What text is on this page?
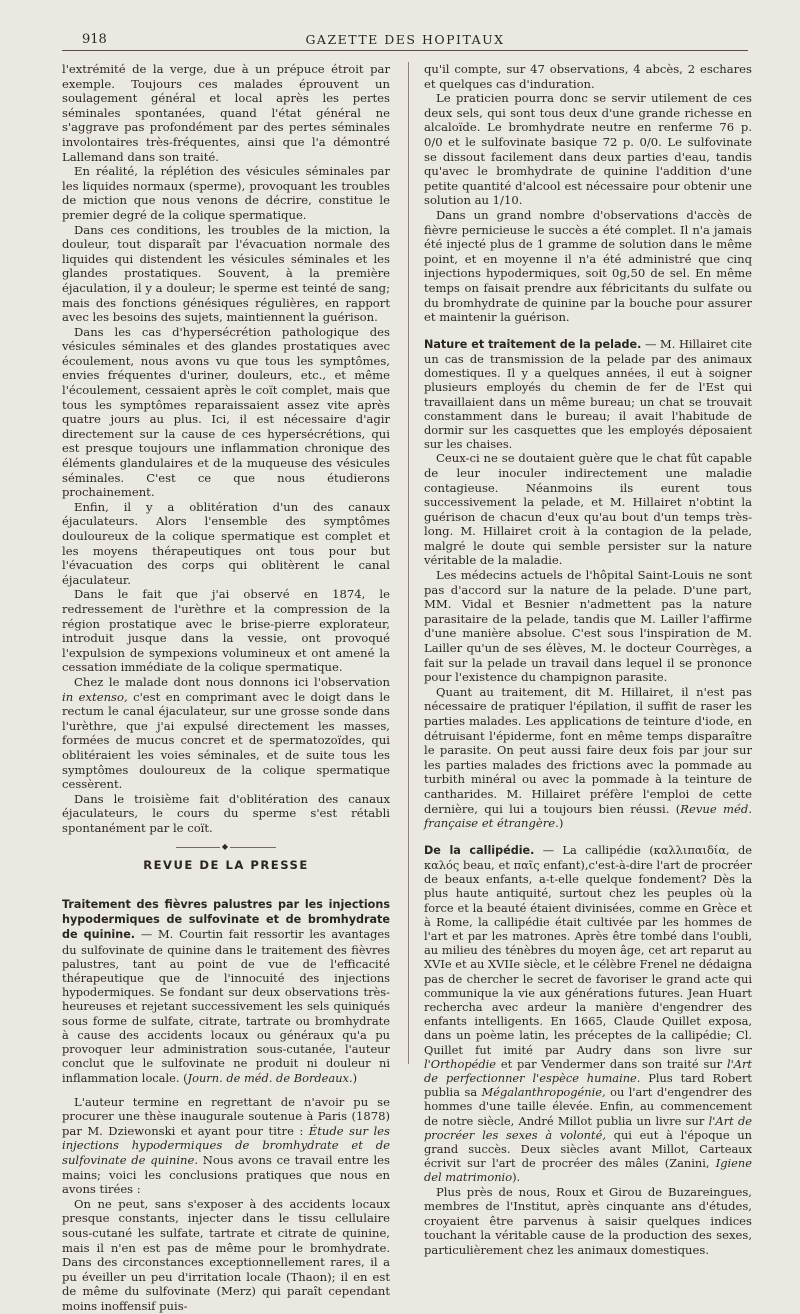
918	GAZETTE DES HOPITAUX

l'extrémité de la verge, due à un prépuce étroit par exemple. Toujours ces malades éprouvent un soulagement général et local après les pertes séminales spontanées, quand l'état général ne s'aggrave pas profondément par des pertes séminales involontaires très-fréquentes, ainsi que l'a démontré Lallemand dans son traité.

En réalité, la réplétion des vésicules séminales par les liquides normaux (sperme), provoquant les troubles de miction que nous venons de décrire, constitue le premier degré de la colique spermatique.

Dans ces conditions, les troubles de la miction, la douleur, tout disparaît par l'évacuation normale des liquides qui distendent les vésicules séminales et les glandes prostatiques. Souvent, à la première éjaculation, il y a douleur; le sperme est teinté de sang; mais des fonctions génésiques régulières, en rapport avec les besoins des sujets, maintiennent la guérison.

Dans les cas d'hypersécrétion pathologique des vésicules séminales et des glandes prostatiques avec écoulement, nous avons vu que tous les symptômes, envies fréquentes d'uriner, douleurs, etc., et même l'écoulement, cessaient après le coït complet, mais que tous les symptômes reparaissaient assez vite après quatre jours au plus. Ici, il est nécessaire d'agir directement sur la cause de ces hypersécrétions, qui est presque toujours une inflammation chronique des éléments glandulaires et de la muqueuse des vésicules séminales. C'est ce que nous étudierons prochainement.

Enfin, il y a oblitération d'un des canaux éjaculateurs. Alors l'ensemble des symptômes douloureux de la colique spermatique est complet et les moyens thérapeutiques ont tous pour but l'évacuation des corps qui oblitèrent le canal éjaculateur.

Dans le fait que j'ai observé en 1874, le redressement de l'urèthre et la compression de la région prostatique avec le brise-pierre explorateur, introduit jusque dans la vessie, ont provoqué l'expulsion de sympexions volumineux et ont amené la cessation immédiate de la colique spermatique.

Chez le malade dont nous donnons ici l'observation in extenso, c'est en comprimant avec le doigt dans le rectum le canal éjaculateur, sur une grosse sonde dans l'urèthre, que j'ai expulsé directement les masses, formées de mucus concret et de spermatozoïdes, qui oblitéraient les voies séminales, et de suite tous les symptômes douloureux de la colique spermatique cessèrent.

Dans le troisième fait d'oblitération des canaux éjaculateurs, le cours du sperme s'est rétabli spontanément par le coït.

◆
REVUE DE LA PRESSE

Traitement des fièvres palustres par les injections hypodermiques de sulfovinate et de bromhydrate de quinine. — M. Courtin fait ressortir les avantages du sulfovinate de quinine dans le traitement des fièvres palustres, tant au point de vue de l'efficacité thérapeutique que de l'innocuité des injections hypodermiques. Se fondant sur deux observations très-heureuses et rejetant successivement les sels quiniqués sous forme de sulfate, citrate, tartrate ou bromhydrate à cause des accidents locaux ou généraux qu'a pu provoquer leur administration sous-cutanée, l'auteur conclut que le sulfovinate ne produit ni douleur ni inflammation locale. (Journ. de méd. de Bordeaux.)

L'auteur termine en regrettant de n'avoir pu se procurer une thèse inaugurale soutenue à Paris (1878) par M. Dziewonski et ayant pour titre : Étude sur les injections hypodermiques de bromhydrate et de sulfovinate de quinine. Nous avons ce travail entre les mains; voici les conclusions pratiques que nous en avons tirées :

On ne peut, sans s'exposer à des accidents locaux presque constants, injecter dans le tissu cellulaire sous-cutané les sulfate, tartrate et citrate de quinine, mais il n'en est pas de même pour le bromhydrate. Dans des circonstances exceptionnellement rares, il a pu éveiller un peu d'irritation locale (Thaon); il en est de même du sulfovinate (Merz) qui paraît cependant moins inoffensif puis-

qu'il compte, sur 47 observations, 4 abcès, 2 eschares et quelques cas d'induration.

Le praticien pourra donc se servir utilement de ces deux sels, qui sont tous deux d'une grande richesse en alcaloïde. Le bromhydrate neutre en renferme 76 p. 0/0 et le sulfovinate basique 72 p. 0/0. Le sulfovinate se dissout facilement dans deux parties d'eau, tandis qu'avec le bromhydrate de quinine l'addition d'une petite quantité d'alcool est nécessaire pour obtenir une solution au 1/10.

Dans un grand nombre d'observations d'accès de fièvre pernicieuse le succès a été complet. Il n'a jamais été injecté plus de 1 gramme de solution dans le même point, et en moyenne il n'a été administré que cinq injections hypodermiques, soit 0g,50 de sel. En même temps on faisait prendre aux fébricitants du sulfate ou du bromhydrate de quinine par la bouche pour assurer et maintenir la guérison.

Nature et traitement de la pelade. — M. Hillairet cite un cas de transmission de la pelade par des animaux domestiques. Il y a quelques années, il eut à soigner plusieurs employés du chemin de fer de l'Est qui travaillaient dans un même bureau; un chat se trouvait constamment dans le bureau; il avait l'habitude de dormir sur les casquettes que les employés déposaient sur les chaises.

Ceux-ci ne se doutaient guère que le chat fût capable de leur inoculer indirectement une maladie contagieuse. Néanmoins ils eurent tous successivement la pelade, et M. Hillairet n'obtint la guérison de chacun d'eux qu'au bout d'un temps très-long. M. Hillairet croit à la contagion de la pelade, malgré le doute qui semble persister sur la nature véritable de la maladie.

Les médecins actuels de l'hôpital Saint-Louis ne sont pas d'accord sur la nature de la pelade. D'une part, MM. Vidal et Besnier n'admettent pas la nature parasitaire de la pelade, tandis que M. Lailler l'affirme d'une manière absolue. C'est sous l'inspiration de M. Lailler qu'un de ses élèves, M. le docteur Courrèges, a fait sur la pelade un travail dans lequel il se prononce pour l'existence du champignon parasite.

Quant au traitement, dit M. Hillairet, il n'est pas nécessaire de pratiquer l'épilation, il suffit de raser les parties malades. Les applications de teinture d'iode, en détruisant l'épiderme, font en même temps disparaître le parasite. On peut aussi faire deux fois par jour sur les parties malades des frictions avec la pommade au turbith minéral ou avec la pommade à la teinture de cantharides. M. Hillairet préfère l'emploi de cette dernière, qui lui a toujours bien réussi. (Revue méd. française et étrangère.)

De la callipédie. — La callipédie (καλλιπαιδία, de καλός beau, et παῖς enfant),c'est-à-dire l'art de procréer de beaux enfants, a-t-elle quelque fondement? Dès la plus haute antiquité, surtout chez les peuples où la force et la beauté étaient divinisées, comme en Grèce et à Rome, la callipédie était cultivée par les hommes de l'art et par les matrones. Après être tombé dans l'oubli, au milieu des ténèbres du moyen âge, cet art reparut au XVIe et au XVIIe siècle, et le célèbre Frenel ne dédaigna pas de chercher le secret de favoriser le grand acte qui communique la vie aux générations futures. Jean Huart rechercha avec ardeur la manière d'engendrer des enfants intelligents. En 1665, Claude Quillet exposa, dans un poème latin, les préceptes de la callipédie; Cl. Quillet fut imité par Audry dans son livre sur l'Orthopédie et par Vendermer dans son traité sur l'Art de perfectionner l'espèce humaine. Plus tard Robert publia sa Mégalanthropogénie, ou l'art d'engendrer des hommes d'une taille élevée. Enfin, au commencement de notre siècle, André Millot publia un livre sur l'Art de procréer les sexes à volonté, qui eut à l'époque un grand succès. Deux siècles avant Millot, Carteaux écrivit sur l'art de procréer des mâles (Zanini, Igiene del matrimonio).

Plus près de nous, Roux et Girou de Buzareingues, membres de l'Institut, après cinquante ans d'études, croyaient être parvenus à saisir quelques indices touchant la véritable cause de la production des sexes, particulièrement chez les animaux domestiques.
